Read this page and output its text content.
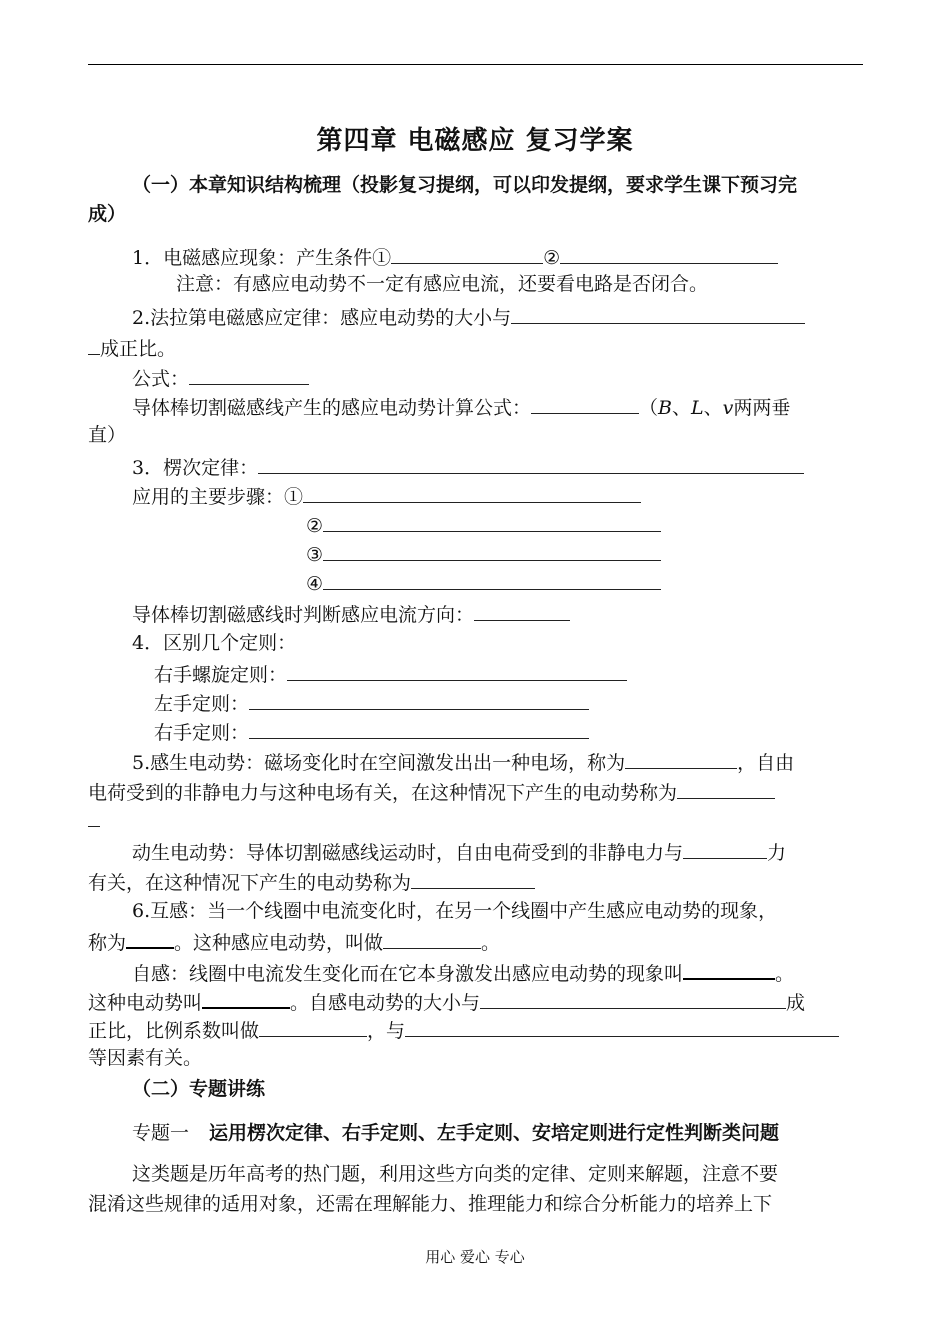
第四章 电磁感应 复习学案
（一）本章知识结构梳理（投影复习提纲，可以印发提纲，要求学生课下预习完
成）
1．电磁感应现象：产生条件①	②
注意：有感应电动势不一定有感应电流，还要看电路是否闭合。
2.法拉第电磁感应定律：感应电动势的大小与
成正比。
公式：
导体棒切割磁感线产生的感应电动势计算公式：	（B、L、v两两垂
直）
3．楞次定律：
应用的主要步骤：①
②
③
④
导体棒切割磁感线时判断感应电流方向：
4．区别几个定则：
右手螺旋定则：
左手定则：
右手定则：
5.感生电动势：磁场变化时在空间激发出出一种电场，称为	，自由
电荷受到的非静电力与这种电场有关，在这种情况下产生的电动势称为
动生电动势：导体切割磁感线运动时，自由电荷受到的非静电力与	力
有关，在这种情况下产生的电动势称为
6.互感：当一个线圈中电流变化时，在另一个线圈中产生感应电动势的现象，
称为	。这种感应电动势，叫做	。
自感：线圈中电流发生变化而在它本身激发出感应电动势的现象叫	。
这种电动势叫	。自感电动势的大小与	成
正比，比例系数叫做	，与
等因素有关。
（二）专题讲练
专题一 运用楞次定律、右手定则、左手定则、安培定则进行定性判断类问题
这类题是历年高考的热门题，利用这些方向类的定律、定则来解题，注意不要
混淆这些规律的适用对象，还需在理解能力、推理能力和综合分析能力的培养上下
用心 爱心 专心
